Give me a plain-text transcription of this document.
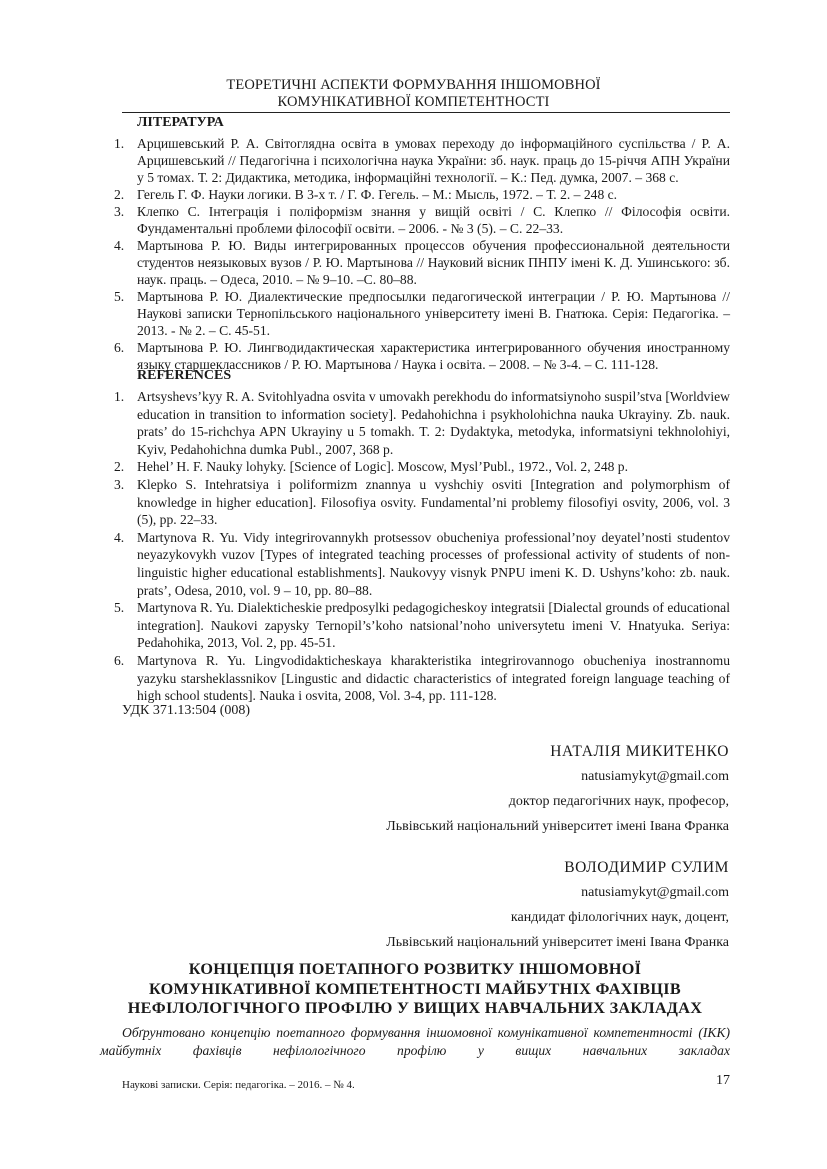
ТЕОРЕТИЧНІ АСПЕКТИ ФОРМУВАННЯ ІНШОМОВНОЇ
КОМУНІКАТИВНОЇ КОМПЕТЕНТНОСТІ
ЛІТЕРАТУРА
1. Арцишевський Р. А. Світоглядна освіта в умовах переходу до інформаційного суспільства / Р. А. Арцишевський // Педагогічна і психологічна наука України: зб. наук. праць до 15-річчя АПН України у 5 томах. Т. 2: Дидактика, методика, інформаційні технології. – К.: Пед. думка, 2007. – 368 с.
2. Гегель Г. Ф. Науки логики. В 3-х т. / Г. Ф. Гегель. – М.: Мысль, 1972. – Т. 2. – 248 с.
3. Клепко С. Інтеграція і поліформізм знання у вищій освіті / С. Клепко // Філософія освіти. Фундаментальні проблеми філософії освіти. – 2006. - № 3 (5). – С. 22–33.
4. Мартынова Р. Ю. Виды интегрированных процессов обучения профессиональной деятельности студентов неязыковых вузов / Р. Ю. Мартынова // Науковий вісник ПНПУ імені К. Д. Ушинського: зб. наук. праць. – Одеса, 2010. – № 9–10. –С. 80–88.
5. Мартынова Р. Ю. Диалектические предпосылки педагогической интеграции / Р. Ю. Мартынова // Наукові записки Тернопільського національного університету імені В. Гнатюка. Серія: Педагогіка. – 2013. - № 2. – С. 45-51.
6. Мартынова Р. Ю. Лингводидактическая характеристика интегрированного обучения иностранному языку старшеклассников / Р. Ю. Мартынова / Наука і освіта. – 2008. – № 3-4. – С. 111-128.
REFERENCES
1. Artsyshevs’kyy R. A. Svitohlyadna osvita v umovakh perekhodu do informatsiynoho suspil’stva [Worldview education in transition to information society]. Pedahohichna i psykholohichna nauka Ukrayiny. Zb. nauk. prats’ do 15-richchya APN Ukrayiny u 5 tomakh. T. 2: Dydaktyka, metodyka, informatsiyni tekhnolohiyi, Kyiv, Pedahohichna dumka Publ., 2007, 368 p.
2. Hehel’ H. F. Nauky lohyky. [Science of Logic]. Moscow, Mysl’Publ., 1972., Vol. 2, 248 p.
3. Klepko S. Intehratsiya i poliformizm znannya u vyshchiy osviti [Integration and polymorphism of knowledge in higher education]. Filosofiya osvity. Fundamental’ni problemy filosofiyi osvity, 2006, vol. 3 (5), pp. 22–33.
4. Martynova R. Yu. Vidy integrirovannykh protsessov obucheniya professional’noy deyatel’nosti studentov neyazykovykh vuzov [Types of integrated teaching processes of professional activity of students of non-linguistic higher educational establishments]. Naukovyy visnyk PNPU imeni K. D. Ushyns’koho: zb. nauk. prats’, Odesa, 2010, vol. 9 – 10, pp. 80–88.
5. Martynova R. Yu. Dialekticheskie predposylki pedagogicheskoy integratsii [Dialectal grounds of educational integration]. Naukovi zapysky Ternopil’s’koho natsional’noho universytetu imeni V. Hnatyuka. Seriya: Pedahohika, 2013, Vol. 2, pp. 45-51.
6. Martynova R. Yu. Lingvodidakticheskaya kharakteristika integrirovannogo obucheniya inostrannomu yazyku starsheklassnikov [Lingustic and didactic characteristics of integrated foreign language teaching of high school students]. Nauka i osvita, 2008, Vol. 3-4, pp. 111-128.
УДК 371.13:504 (008)
НАТАЛІЯ МИКИТЕНКО
natusiamykyt@gmail.com
доктор педагогічних наук, професор,
Львівський національний університет імені Івана Франка
ВОЛОДИМИР СУЛИМ
natusiamykyt@gmail.com
кандидат філологічних наук, доцент,
Львівський національний університет імені Івана Франка
КОНЦЕПЦІЯ ПОЕТАПНОГО РОЗВИТКУ ІНШОМОВНОЇ
КОМУНІКАТИВНОЇ КОМПЕТЕНТНОСТІ МАЙБУТНІХ ФАХІВЦІВ
НЕФІЛОЛОГІЧНОГО ПРОФІЛЮ У ВИЩИХ НАВЧАЛЬНИХ ЗАКЛАДАХ
Обґрунтовано концепцію поетапного формування іншомовної комунікативної компетентності (ІКК) майбутніх фахівців нефілологічного профілю у вищих навчальних закладах
Наукові записки. Серія: педагогіка. – 2016. – № 4.	17
